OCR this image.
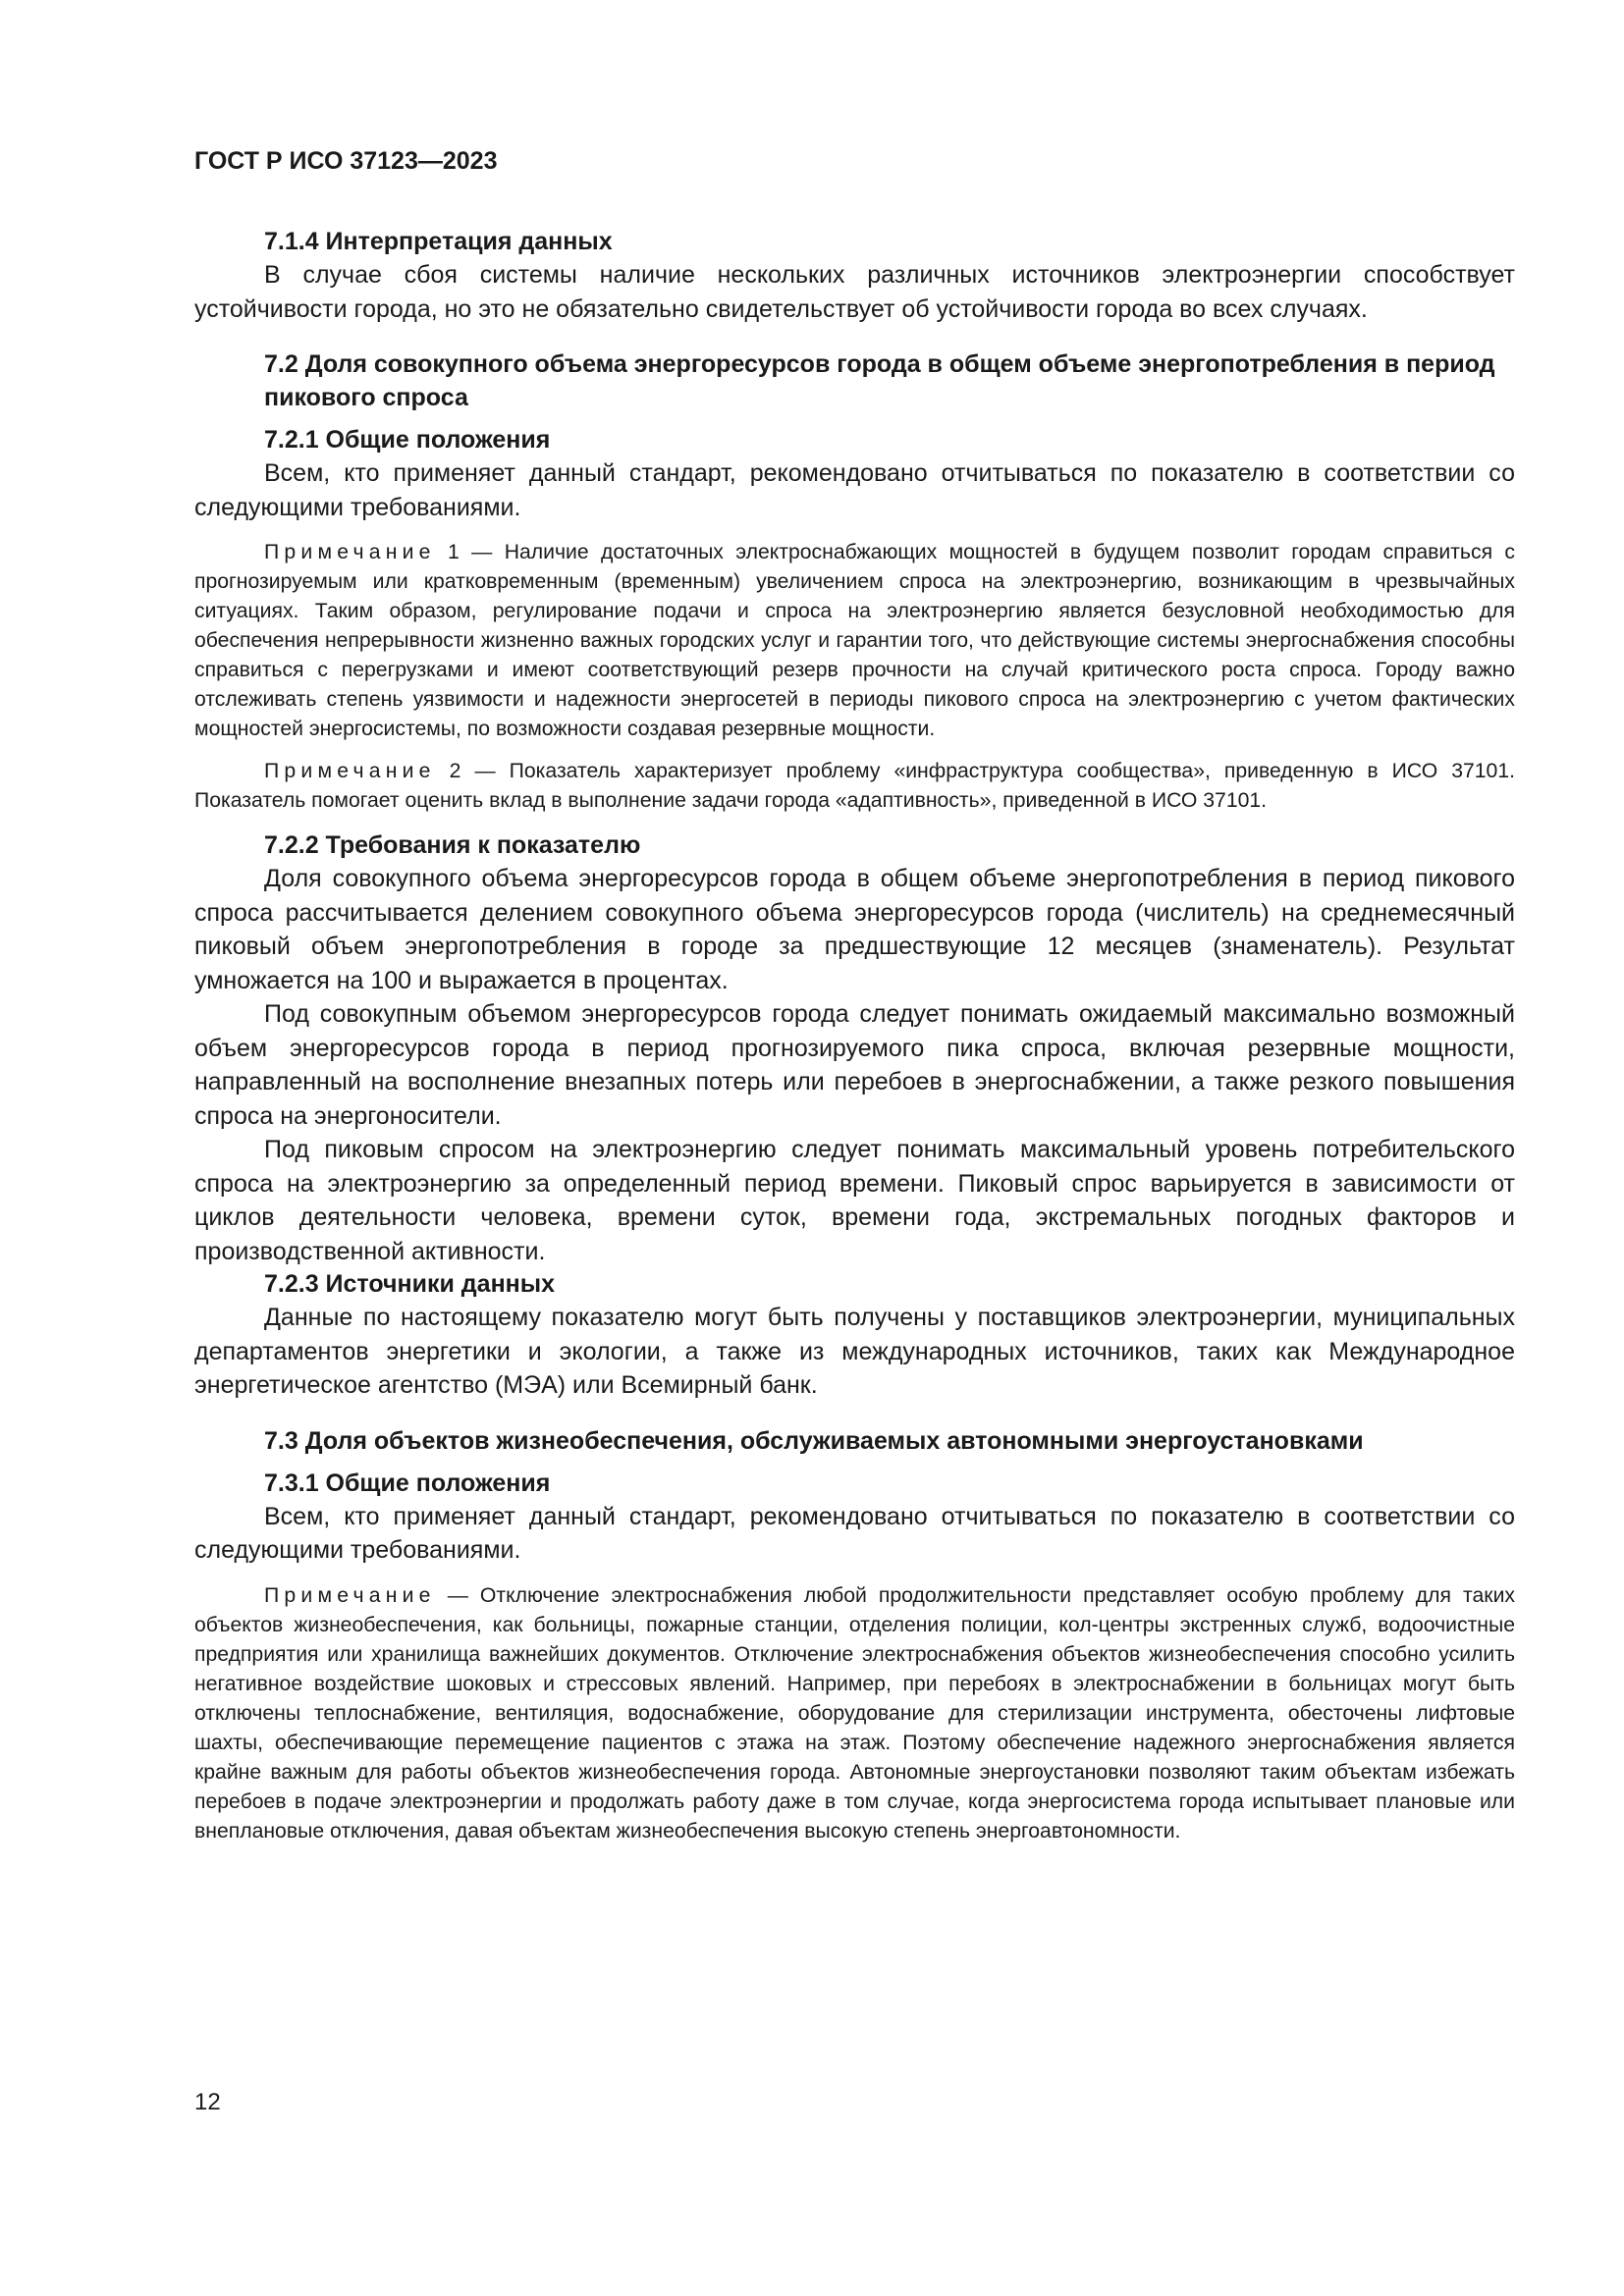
ГОСТ Р ИСО 37123—2023
7.1.4 Интерпретация данных

В случае сбоя системы наличие нескольких различных источников электроэнергии способствует устойчивости города, но это не обязательно свидетельствует об устойчивости города во всех случаях.

7.2 Доля совокупного объема энергоресурсов города в общем объеме энергопотребления в период пикового спроса
7.2.1 Общие положения

Всем, кто применяет данный стандарт, рекомендовано отчитываться по показателю в соответствии со следующими требованиями.

Примечание 1 — Наличие достаточных электроснабжающих мощностей в будущем позволит городам справиться с прогнозируемым или кратковременным (временным) увеличением спроса на электроэнергию, возникающим в чрезвычайных ситуациях. Таким образом, регулирование подачи и спроса на электроэнергию является безусловной необходимостью для обеспечения непрерывности жизненно важных городских услуг и гарантии того, что действующие системы энергоснабжения способны справиться с перегрузками и имеют соответствующий резерв прочности на случай критического роста спроса. Городу важно отслеживать степень уязвимости и надежности энергосетей в периоды пикового спроса на электроэнергию с учетом фактических мощностей энергосистемы, по возможности создавая резервные мощности.

Примечание 2 — Показатель характеризует проблему «инфраструктура сообщества», приведенную в ИСО 37101. Показатель помогает оценить вклад в выполнение задачи города «адаптивность», приведенной в ИСО 37101.

7.2.2 Требования к показателю

Доля совокупного объема энергоресурсов города в общем объеме энергопотребления в период пикового спроса рассчитывается делением совокупного объема энергоресурсов города (числитель) на среднемесячный пиковый объем энергопотребления в городе за предшествующие 12 месяцев (знаменатель). Результат умножается на 100 и выражается в процентах.

Под совокупным объемом энергоресурсов города следует понимать ожидаемый максимально возможный объем энергоресурсов города в период прогнозируемого пика спроса, включая резервные мощности, направленный на восполнение внезапных потерь или перебоев в энергоснабжении, а также резкого повышения спроса на энергоносители.

Под пиковым спросом на электроэнергию следует понимать максимальный уровень потребительского спроса на электроэнергию за определенный период времени. Пиковый спрос варьируется в зависимости от циклов деятельности человека, времени суток, времени года, экстремальных погодных факторов и производственной активности.

7.2.3 Источники данных

Данные по настоящему показателю могут быть получены у поставщиков электроэнергии, муниципальных департаментов энергетики и экологии, а также из международных источников, таких как Международное энергетическое агентство (МЭА) или Всемирный банк.

7.3 Доля объектов жизнеобеспечения, обслуживаемых автономными энергоустановками
7.3.1 Общие положения

Всем, кто применяет данный стандарт, рекомендовано отчитываться по показателю в соответствии со следующими требованиями.

Примечание — Отключение электроснабжения любой продолжительности представляет особую проблему для таких объектов жизнеобеспечения, как больницы, пожарные станции, отделения полиции, кол-центры экстренных служб, водоочистные предприятия или хранилища важнейших документов. Отключение электроснабжения объектов жизнеобеспечения способно усилить негативное воздействие шоковых и стрессовых явлений. Например, при перебоях в электроснабжении в больницах могут быть отключены теплоснабжение, вентиляция, водоснабжение, оборудование для стерилизации инструмента, обесточены лифтовые шахты, обеспечивающие перемещение пациентов с этажа на этаж. Поэтому обеспечение надежного энергоснабжения является крайне важным для работы объектов жизнеобеспечения города. Автономные энергоустановки позволяют таким объектам избежать перебоев в подаче электроэнергии и продолжать работу даже в том случае, когда энергосистема города испытывает плановые или внеплановые отключения, давая объектам жизнеобеспечения высокую степень энергоавтономности.

12
